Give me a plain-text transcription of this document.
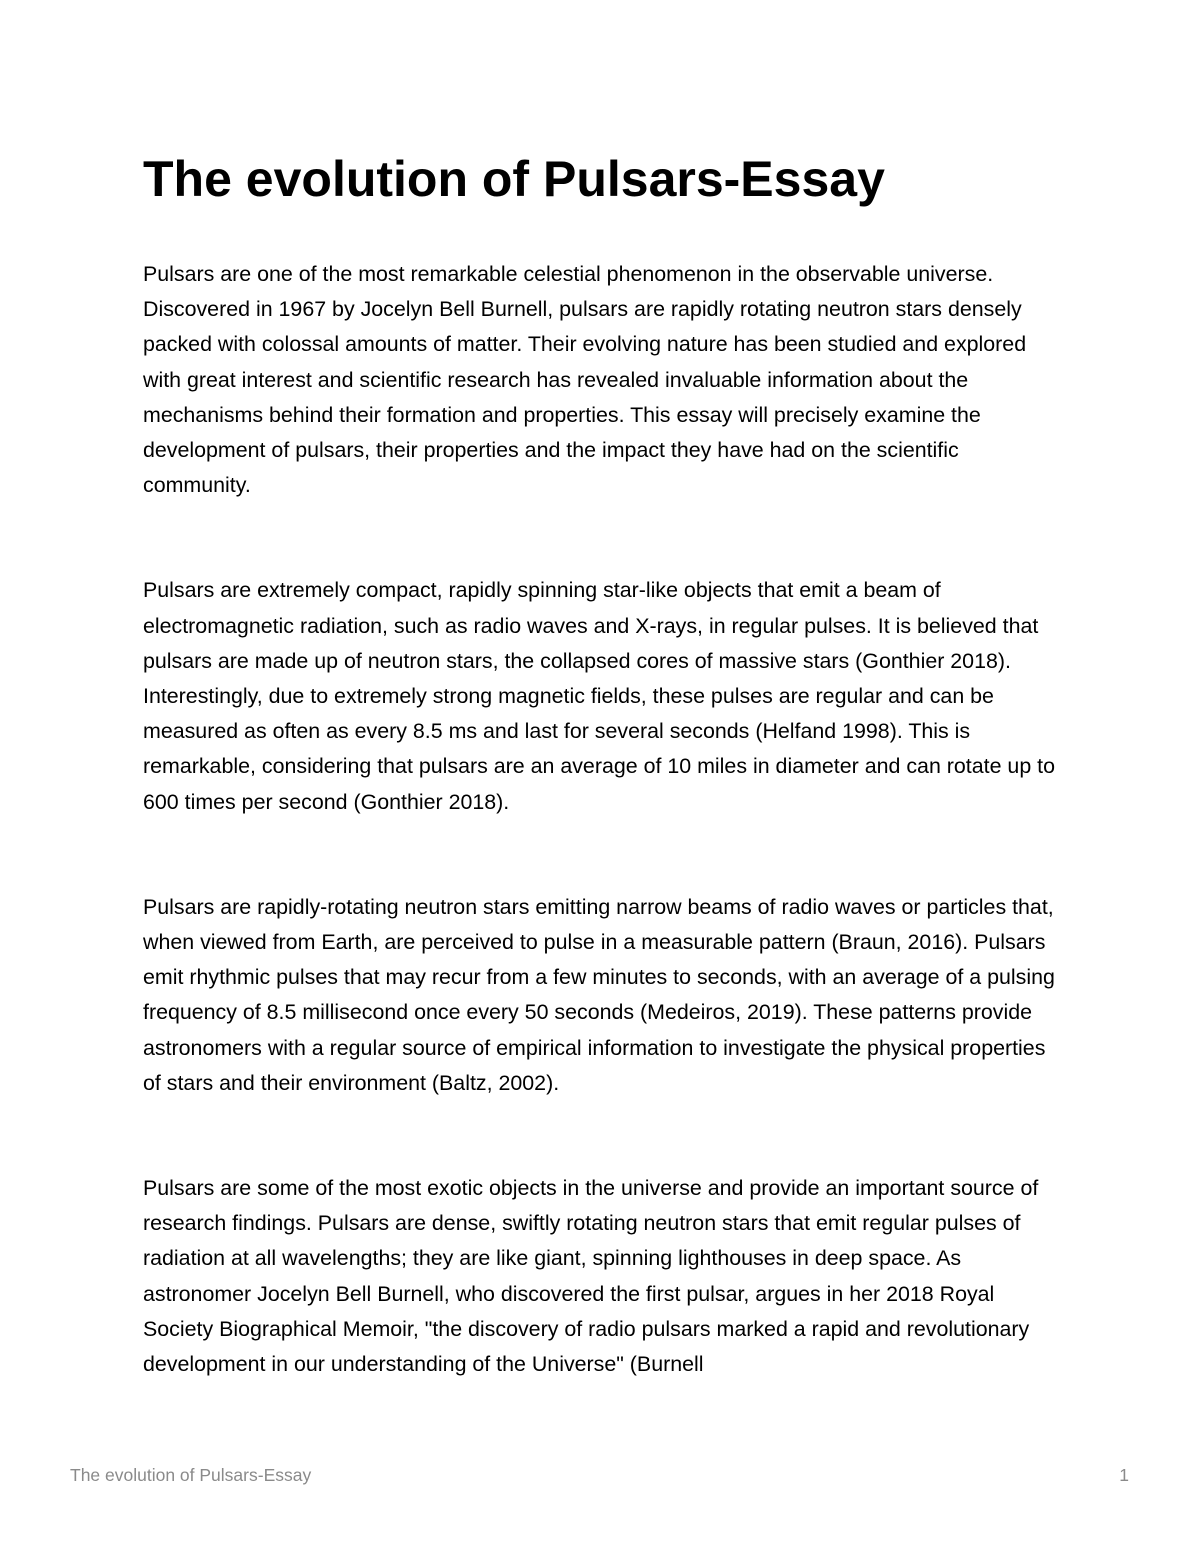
The evolution of Pulsars-Essay

Pulsars are one of the most remarkable celestial phenomenon in the observable universe. Discovered in 1967 by Jocelyn Bell Burnell, pulsars are rapidly rotating neutron stars densely packed with colossal amounts of matter. Their evolving nature has been studied and explored with great interest and scientific research has revealed invaluable information about the mechanisms behind their formation and properties. This essay will precisely examine the development of pulsars, their properties and the impact they have had on the scientific community.

Pulsars are extremely compact, rapidly spinning star-like objects that emit a beam of electromagnetic radiation, such as radio waves and X-rays, in regular pulses. It is believed that pulsars are made up of neutron stars, the collapsed cores of massive stars (Gonthier 2018). Interestingly, due to extremely strong magnetic fields, these pulses are regular and can be measured as often as every 8.5 ms and last for several seconds (Helfand 1998). This is remarkable, considering that pulsars are an average of 10 miles in diameter and can rotate up to 600 times per second (Gonthier 2018).

Pulsars are rapidly-rotating neutron stars emitting narrow beams of radio waves or particles that, when viewed from Earth, are perceived to pulse in a measurable pattern (Braun, 2016). Pulsars emit rhythmic pulses that may recur from a few minutes to seconds, with an average of a pulsing frequency of 8.5 millisecond once every 50 seconds (Medeiros, 2019). These patterns provide astronomers with a regular source of empirical information to investigate the physical properties of stars and their environment (Baltz, 2002).

Pulsars are some of the most exotic objects in the universe and provide an important source of research findings. Pulsars are dense, swiftly rotating neutron stars that emit regular pulses of radiation at all wavelengths; they are like giant, spinning lighthouses in deep space. As astronomer Jocelyn Bell Burnell, who discovered the first pulsar, argues in her 2018 Royal Society Biographical Memoir, "the discovery of radio pulsars marked a rapid and revolutionary development in our understanding of the Universe" (Burnell

The evolution of Pulsars-Essay	1
